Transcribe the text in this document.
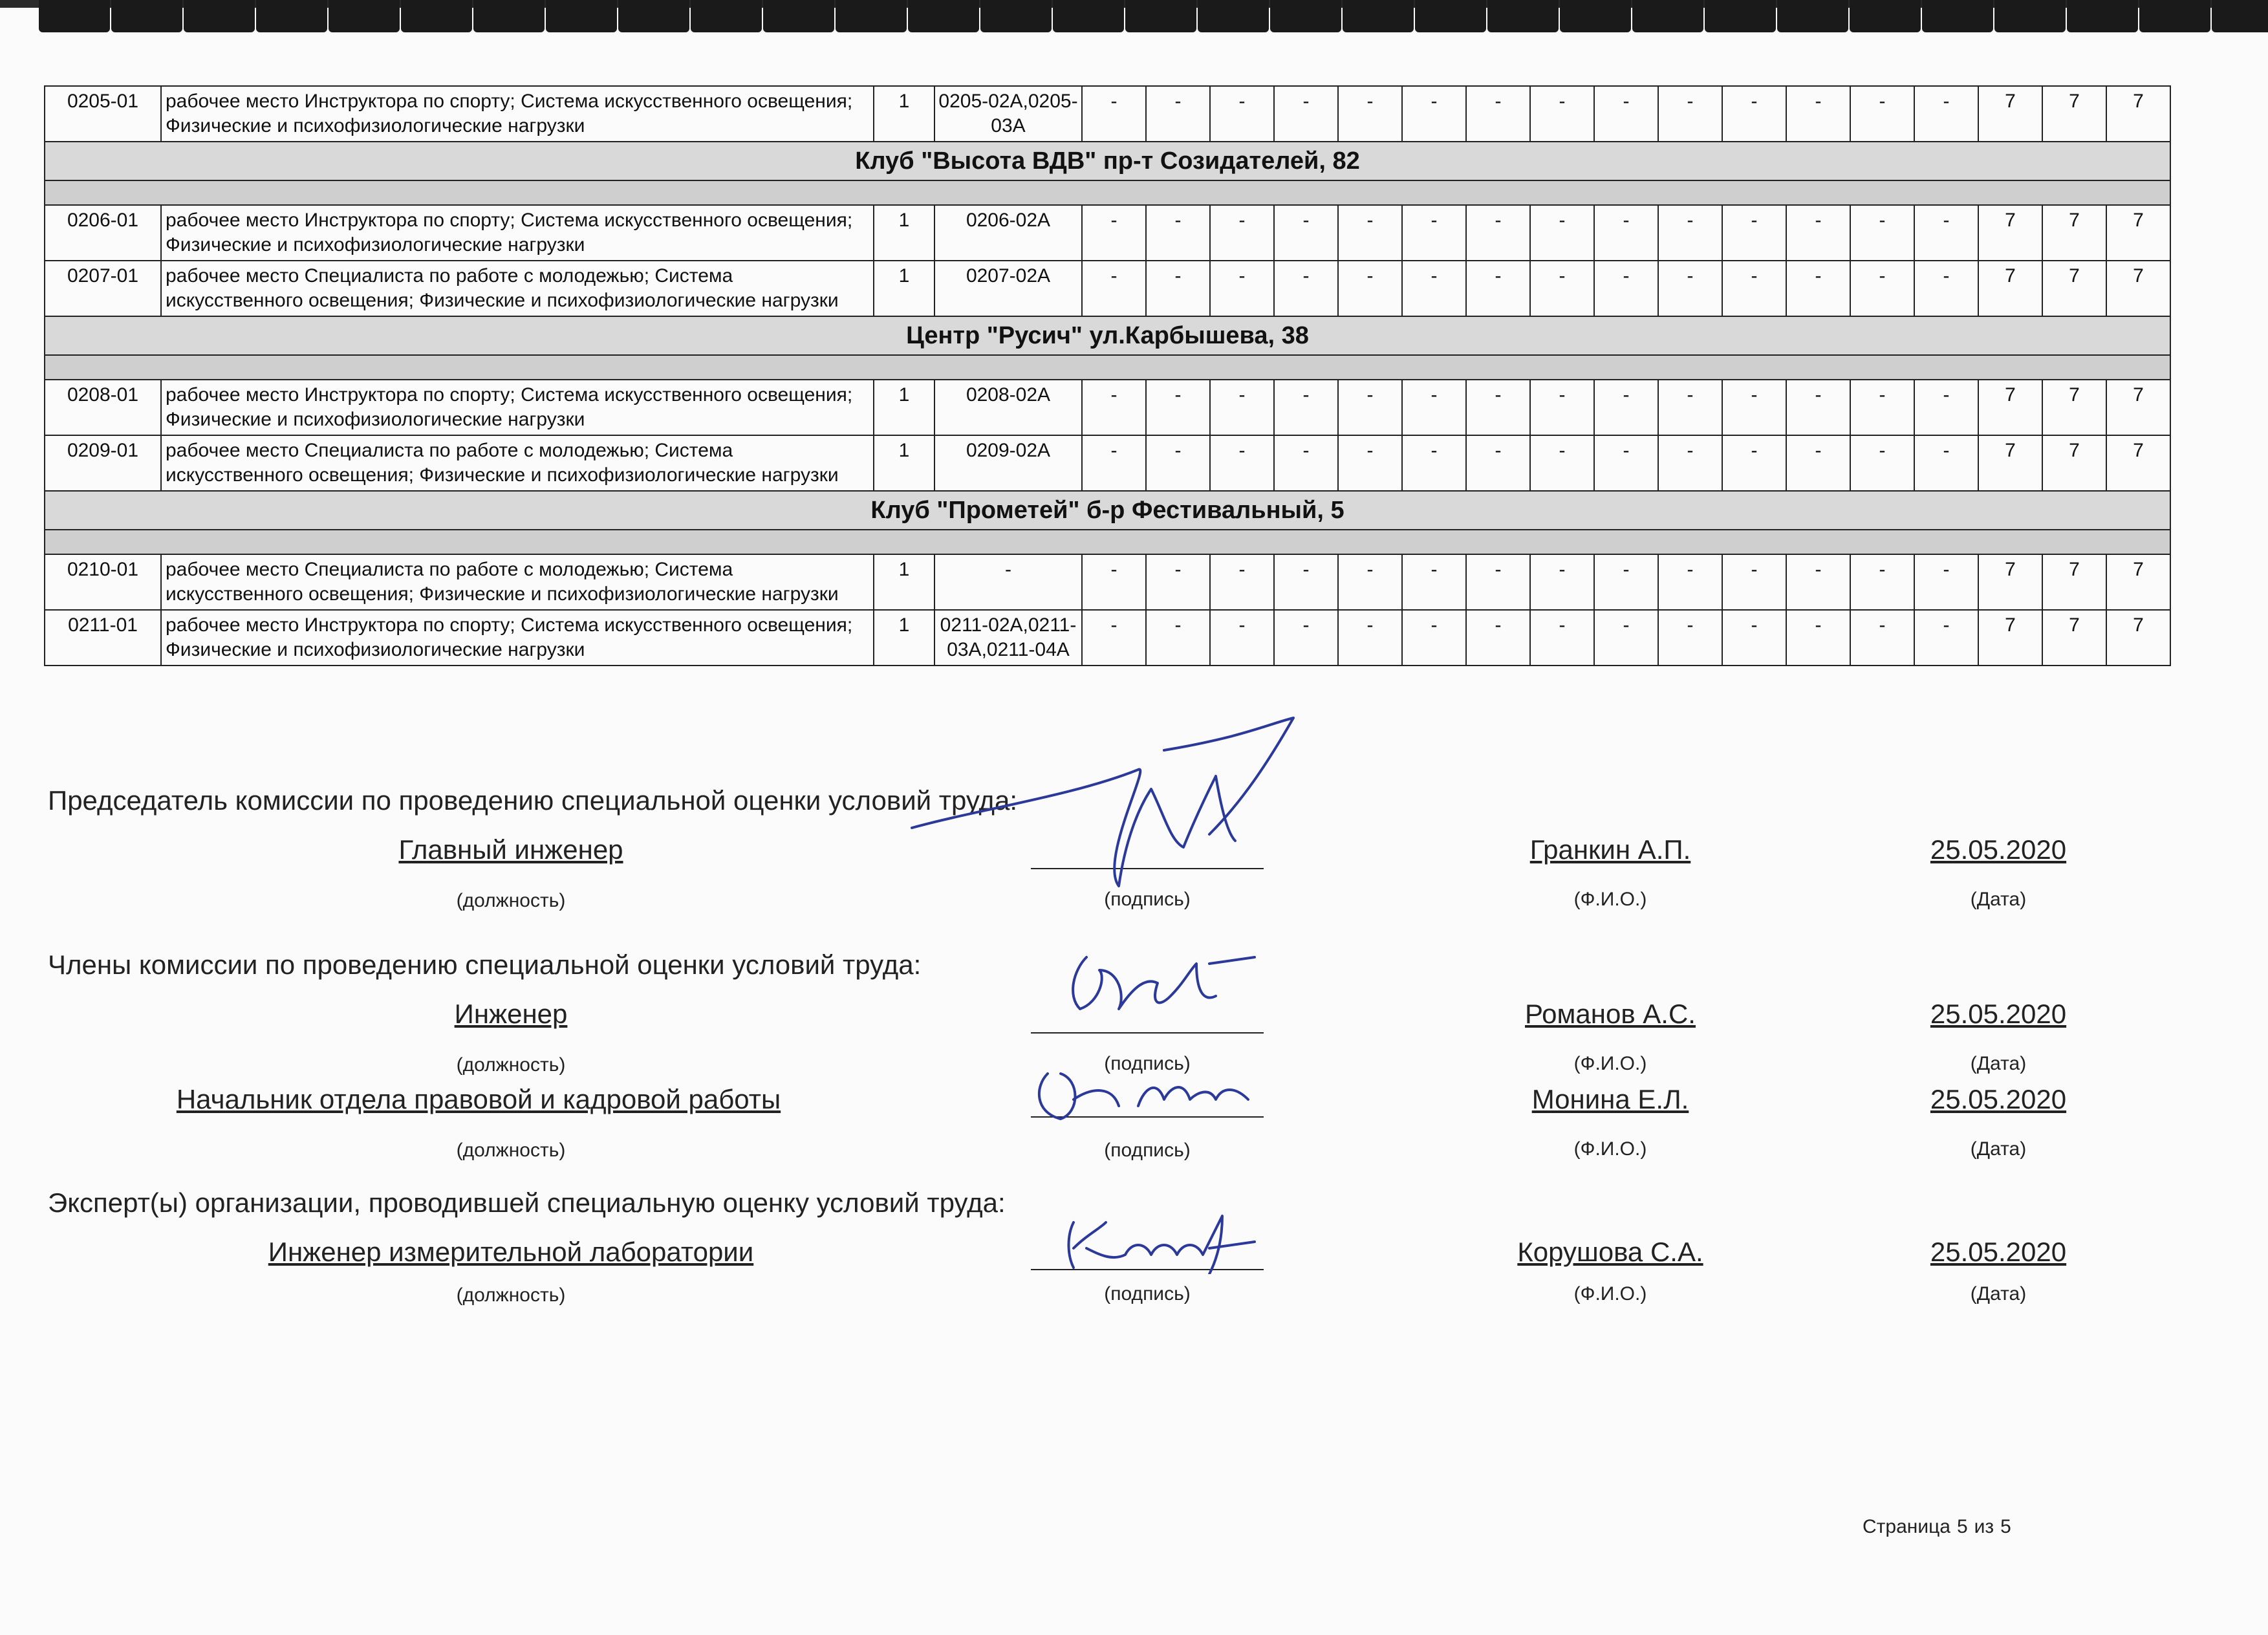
0205-01	рабочее место Инструктора по спорту; Система искусственного освещения; Физические и психофизиологические нагрузки	1	0205-02А,0205-03А	-	-	-	-	-	-	-	-	-	-	-	-	-	-	7	7	7
Клуб "Высота ВДВ" пр-т Созидателей, 82																				

0206-01	рабочее место Инструктора по спорту; Система искусственного освещения; Физические и психофизиологические нагрузки	1	0206-02А	-	-	-	-	-	-	-	-	-	-	-	-	-	-	7	7	7
0207-01	рабочее место Специалиста по работе с молодежью; Система искусственного освещения; Физические и психофизиологические нагрузки	1	0207-02А	-	-	-	-	-	-	-	-	-	-	-	-	-	-	7	7	7
Центр "Русич" ул.Карбышева, 38																				

0208-01	рабочее место Инструктора по спорту; Система искусственного освещения; Физические и психофизиологические нагрузки	1	0208-02А	-	-	-	-	-	-	-	-	-	-	-	-	-	-	7	7	7
0209-01	рабочее место Специалиста по работе с молодежью; Система искусственного освещения; Физические и психофизиологические нагрузки	1	0209-02А	-	-	-	-	-	-	-	-	-	-	-	-	-	-	7	7	7
Клуб "Прометей" б-р Фестивальный, 5																				

0210-01	рабочее место Специалиста по работе с молодежью; Система искусственного освещения; Физические и психофизиологические нагрузки	1	-	-	-	-	-	-	-	-	-	-	-	-	-	-	-	7	7	7
0211-01	рабочее место Инструктора по спорту; Система искусственного освещения; Физические и психофизиологические нагрузки	1	0211-02А,0211-03А,0211-04А	-	-	-	-	-	-	-	-	-	-	-	-	-	-	7	7	7
Председатель комиссии по проведению специальной оценки условий труда:
Главный инженер	Гранкин А.П.	25.05.2020
(должность)	(подпись)	(Ф.И.О.)	(Дата)
Члены комиссии по проведению специальной оценки условий труда:
Инженер	Романов А.С.	25.05.2020
(должность)	(подпись)	(Ф.И.О.)	(Дата)
Начальник отдела правовой и кадровой работы	Монина Е.Л.	25.05.2020
(должность)	(подпись)	(Ф.И.О.)	(Дата)
Эксперт(ы) организации, проводившей специальную оценку условий труда:
Инженер измерительной лаборатории	Корушова С.А.	25.05.2020
(должность)	(подпись)	(Ф.И.О.)	(Дата)
Страница 5 из 5
